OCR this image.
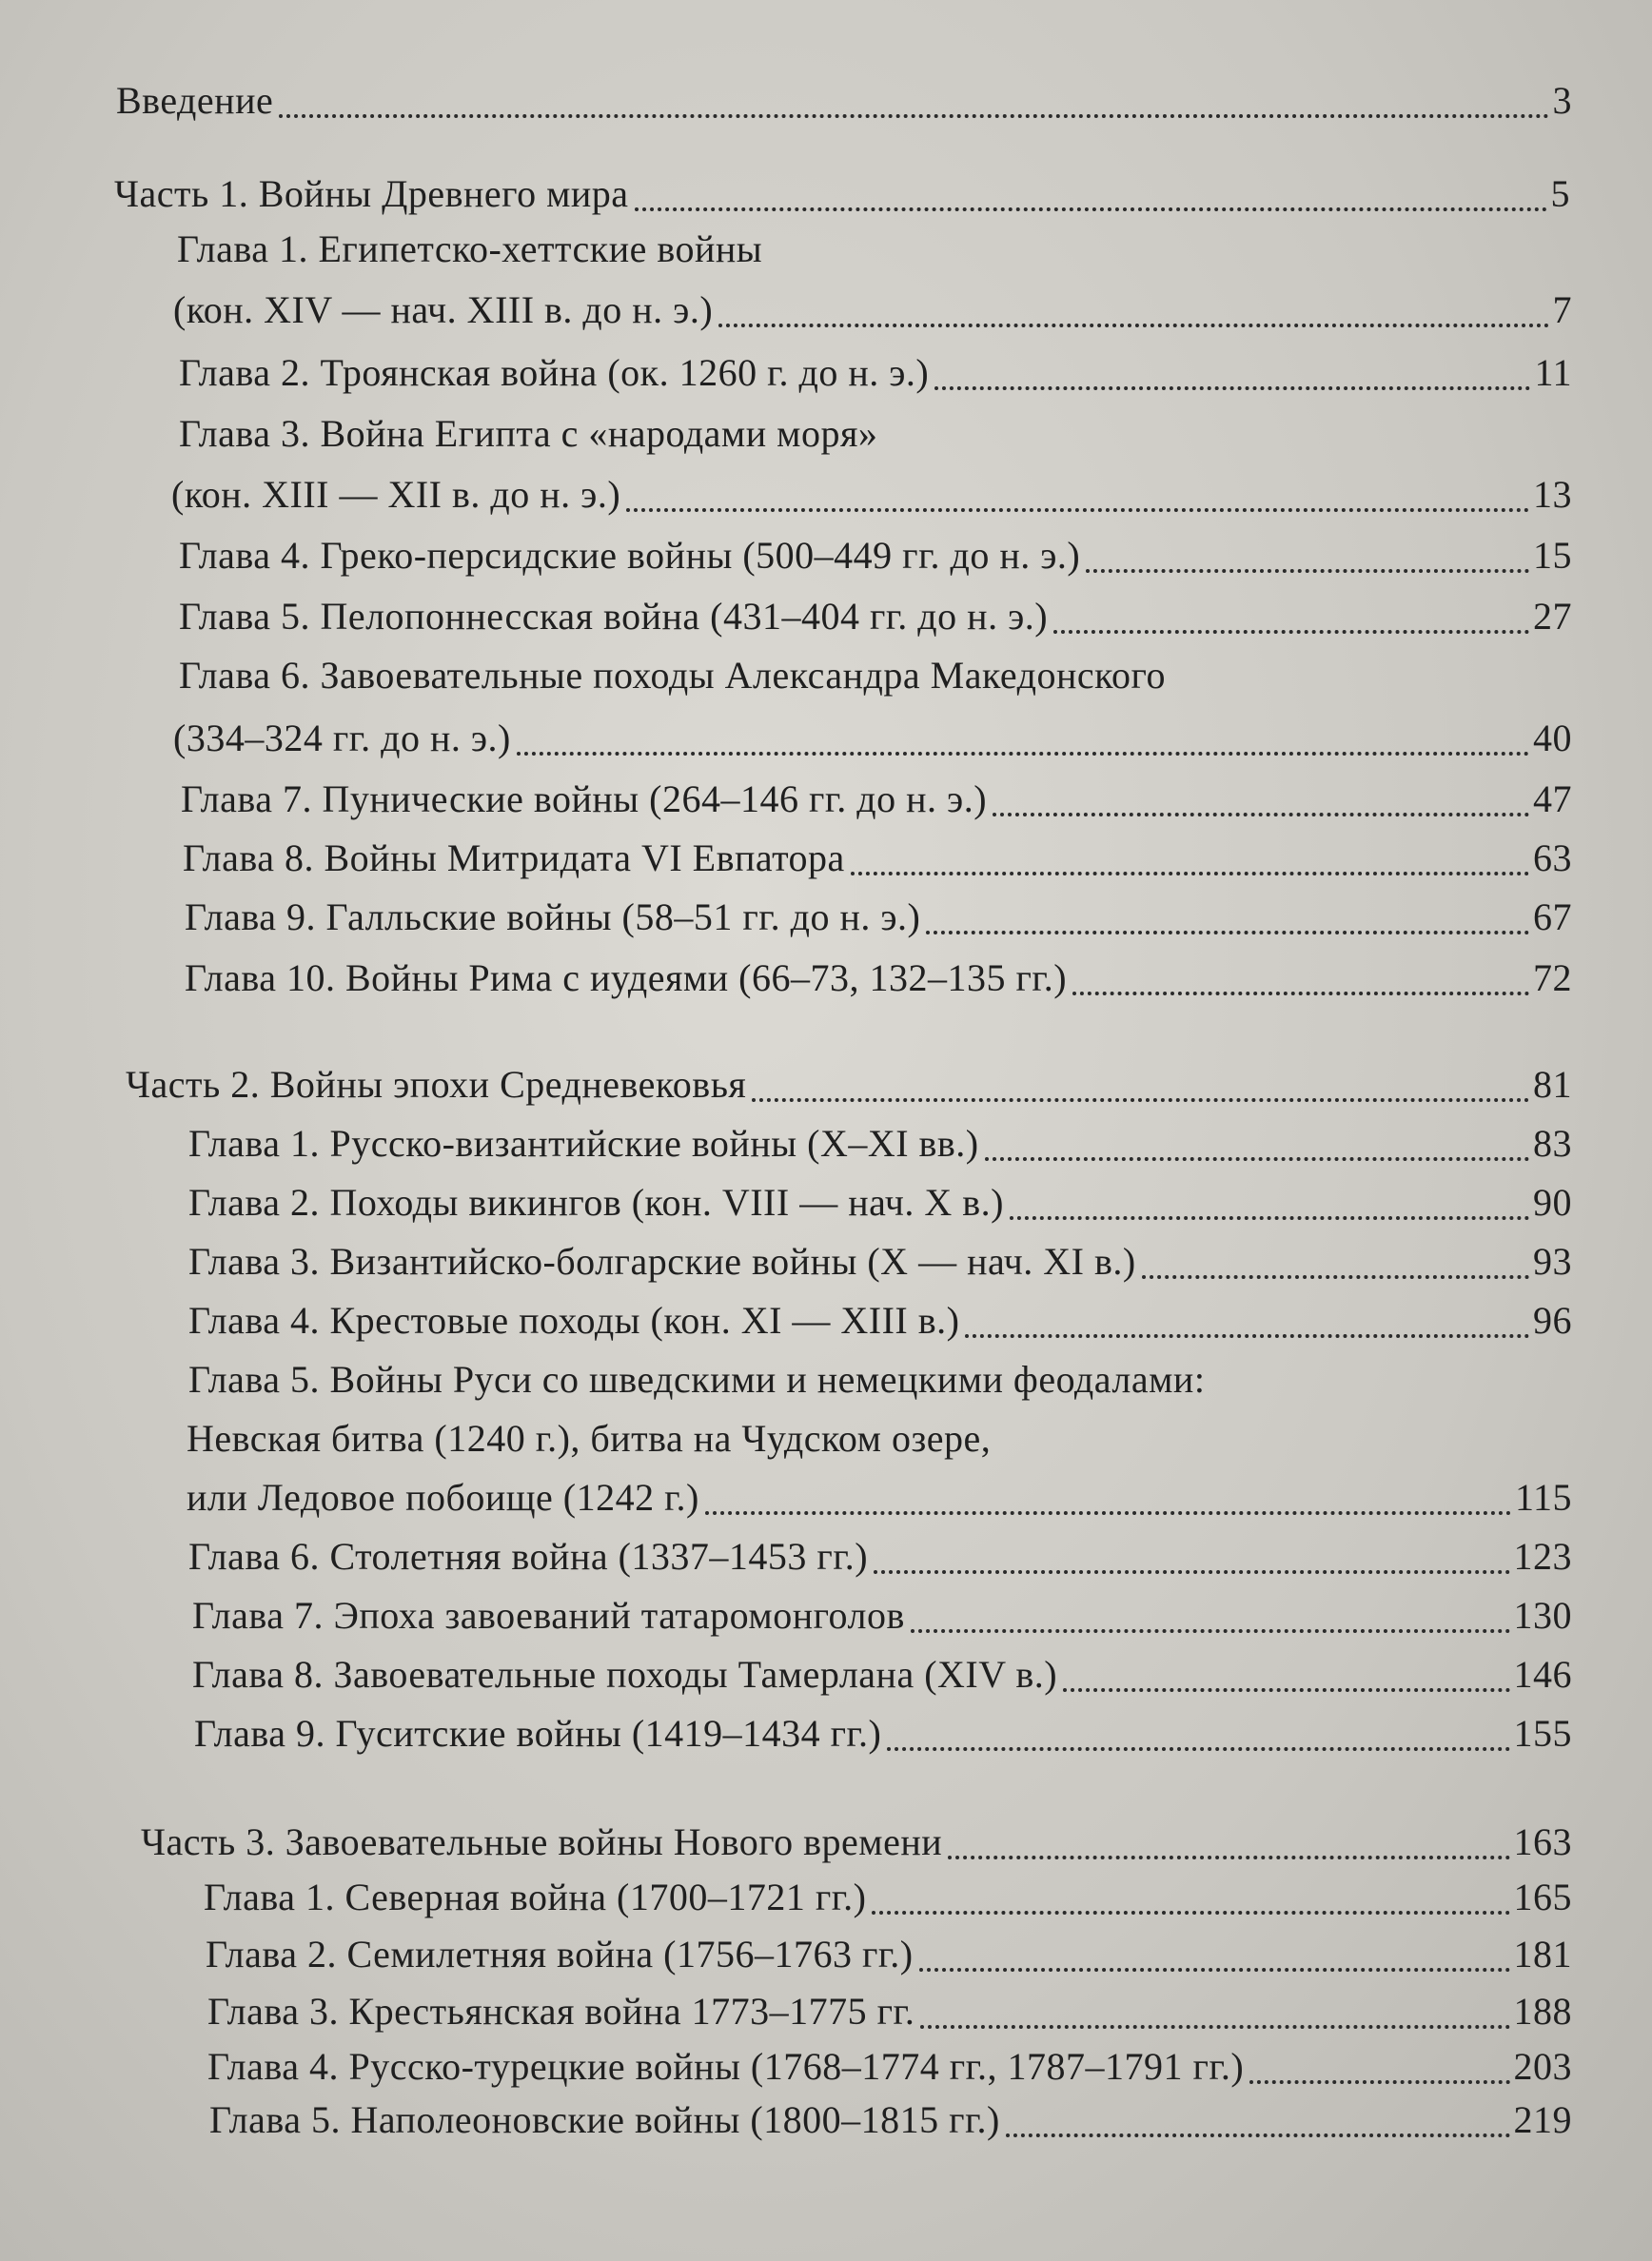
Введение	3
Часть 1. Войны Древнего мира	5
Глава 1. Египетско-хеттские войны
(кон. XIV — нач. XIII в. до н. э.)	7
Глава 2. Троянская война (ок. 1260 г. до н. э.)	11
Глава 3. Война Египта с «народами моря»
(кон. XIII — XII в. до н. э.)	13
Глава 4. Греко-персидские войны (500–449 гг. до н. э.)	15
Глава 5. Пелопоннесская война (431–404 гг. до н. э.)	27
Глава 6. Завоевательные походы Александра Македонского
(334–324 гг. до н. э.)	40
Глава 7. Пунические войны (264–146 гг. до н. э.)	47
Глава 8. Войны Митридата VI Евпатора	63
Глава 9. Галльские войны (58–51 гг. до н. э.)	67
Глава 10. Войны Рима с иудеями (66–73, 132–135 гг.)	72
Часть 2. Войны эпохи Средневековья	81
Глава 1. Русско-византийские войны (X–XI вв.)	83
Глава 2. Походы викингов (кон. VIII — нач. X в.)	90
Глава 3. Византийско-болгарские войны (X — нач. XI в.)	93
Глава 4. Крестовые походы (кон. XI — XIII в.)	96
Глава 5. Войны Руси со шведскими и немецкими феодалами:
Невская битва (1240 г.), битва на Чудском озере,
или Ледовое побоище (1242 г.)	115
Глава 6. Столетняя война (1337–1453 гг.)	123
Глава 7. Эпоха завоеваний татаромонголов	130
Глава 8. Завоевательные походы Тамерлана (XIV в.)	146
Глава 9. Гуситские войны (1419–1434 гг.)	155
Часть 3. Завоевательные войны Нового времени	163
Глава 1. Северная война (1700–1721 гг.)	165
Глава 2. Семилетняя война (1756–1763 гг.)	181
Глава 3. Крестьянская война 1773–1775 гг.	188
Глава 4. Русско-турецкие войны (1768–1774 гг., 1787–1791 гг.)	203
Глава 5. Наполеоновские войны (1800–1815 гг.)	219
